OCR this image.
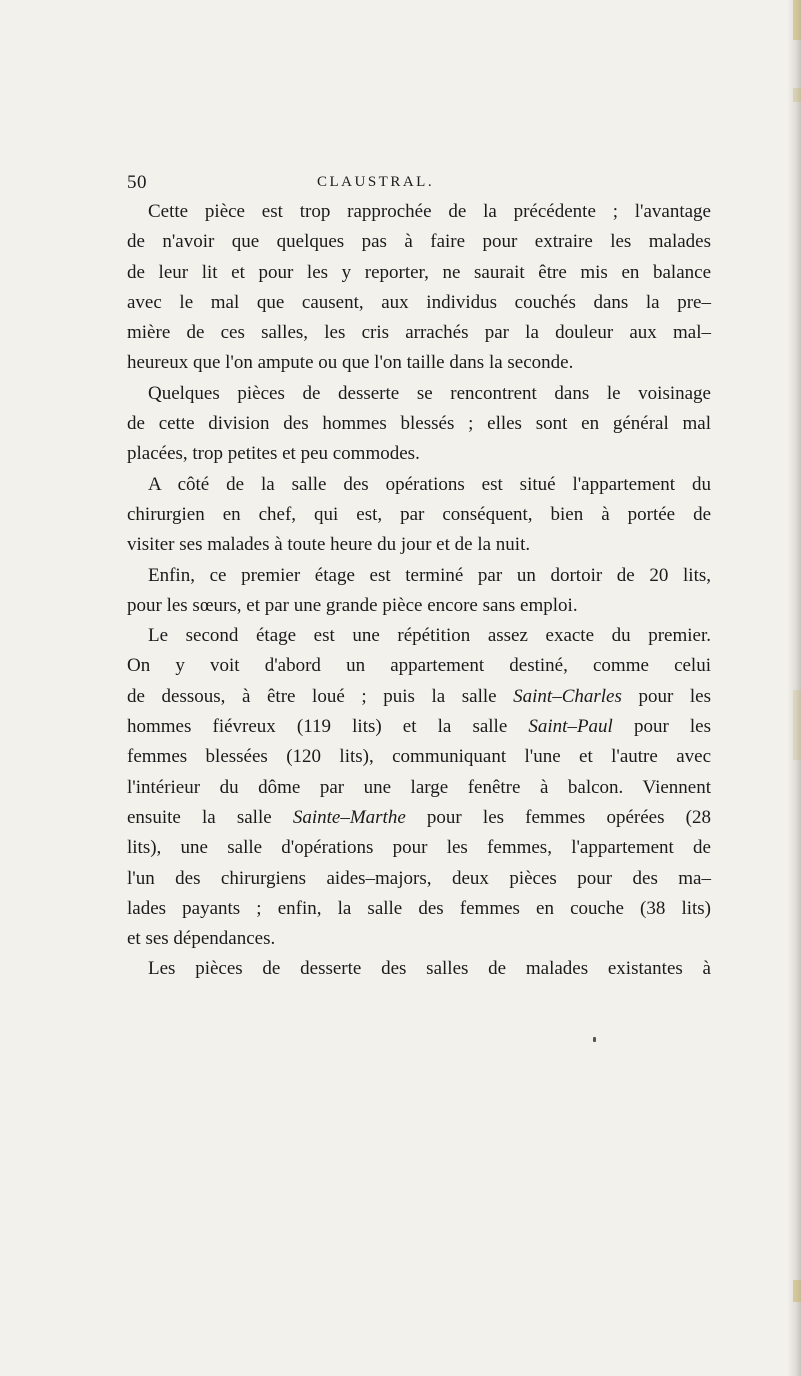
50	CLAUSTRAL.
Cette pièce est trop rapprochée de la précédente ; l'avantage
de n'avoir que quelques pas à faire pour extraire les malades
de leur lit et pour les y reporter, ne saurait être mis en balance
avec le mal que causent, aux individus couchés dans la pre–
mière de ces salles, les cris arrachés par la douleur aux mal–
heureux que l'on ampute ou que l'on taille dans la seconde.
Quelques pièces de desserte se rencontrent dans le voisinage
de cette division des hommes blessés ; elles sont en général mal
placées, trop petites et peu commodes.
A côté de la salle des opérations est situé l'appartement du
chirurgien en chef, qui est, par conséquent, bien à portée de
visiter ses malades à toute heure du jour et de la nuit.
Enfin, ce premier étage est terminé par un dortoir de 20 lits,
pour les sœurs, et par une grande pièce encore sans emploi.
Le second étage est une répétition assez exacte du premier.
On y voit d'abord un appartement destiné, comme celui
de dessous, à être loué ; puis la salle Saint–Charles pour les
hommes fiévreux (119 lits) et la salle Saint–Paul pour les
femmes blessées (120 lits), communiquant l'une et l'autre avec
l'intérieur du dôme par une large fenêtre à balcon. Viennent
ensuite la salle Sainte–Marthe pour les femmes opérées (28
lits), une salle d'opérations pour les femmes, l'appartement de
l'un des chirurgiens aides–majors, deux pièces pour des ma–
lades payants ; enfin, la salle des femmes en couche (38 lits)
et ses dépendances.
Les pièces de desserte des salles de malades existantes à
